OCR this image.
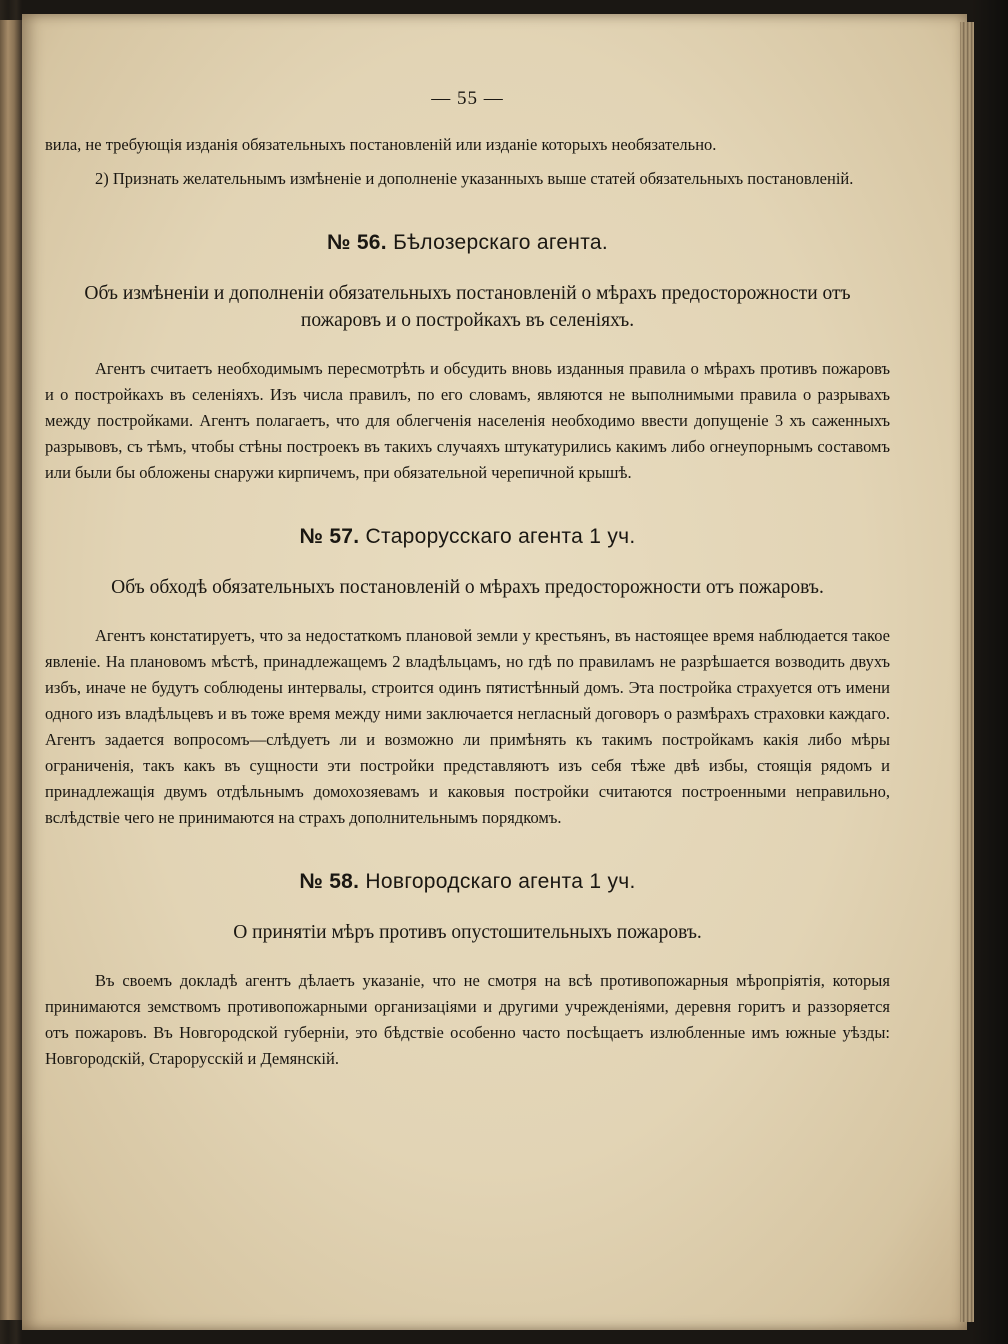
— 55 —

вила, не требующія изданія обязательныхъ постановленій или изданіе которыхъ необязательно.

2) Признать желательнымъ измѣненіе и дополненіе указанныхъ выше статей обязательныхъ постановленій.

№ 56. Бѣлозерскаго агента.
Объ измѣненіи и дополненіи обязательныхъ постановленій о мѣрахъ предосторожности отъ пожаровъ и о постройкахъ въ селеніяхъ.

Агентъ считаетъ необходимымъ пересмотрѣть и обсудить вновь изданныя правила о мѣрахъ противъ пожаровъ и о постройкахъ въ селеніяхъ. Изъ числа правилъ, по его словамъ, являются не выполнимыми правила о разрывахъ между постройками. Агентъ полагаетъ, что для облегченія населенія необходимо ввести допущеніе 3 хъ саженныхъ разрывовъ, съ тѣмъ, чтобы стѣны построекъ въ такихъ случаяхъ штукатурились какимъ либо огнеупорнымъ составомъ или были бы обложены снаружи кирпичемъ, при обязательной черепичной крышѣ.

№ 57. Старорусскаго агента 1 уч.
Объ обходѣ обязательныхъ постановленій о мѣрахъ предосторожности отъ пожаровъ.

Агентъ констатируетъ, что за недостаткомъ плановой земли у крестьянъ, въ настоящее время наблюдается такое явленіе. На плановомъ мѣстѣ, принадлежащемъ 2 владѣльцамъ, но гдѣ по правиламъ не разрѣшается возводить двухъ избъ, иначе не будутъ соблюдены интервалы, строится одинъ пятистѣнный домъ. Эта постройка страхуется отъ имени одного изъ владѣльцевъ и въ тоже время между ними заключается негласный договоръ о размѣрахъ страховки каждаго. Агентъ задается вопросомъ—слѣдуетъ ли и возможно ли примѣнять къ такимъ постройкамъ какія либо мѣры ограниченія, такъ какъ въ сущности эти постройки представляютъ изъ себя тѣже двѣ избы, стоящія рядомъ и принадлежащія двумъ отдѣльнымъ домохозяевамъ и каковыя постройки считаются построенными неправильно, вслѣдствіе чего не принимаются на страхъ дополнительнымъ порядкомъ.

№ 58. Новгородскаго агента 1 уч.
О принятіи мѣръ противъ опустошительныхъ пожаровъ.

Въ своемъ докладѣ агентъ дѣлаетъ указаніе, что не смотря на всѣ противопожарныя мѣропріятія, которыя принимаются земствомъ противопожарными организаціями и другими учрежденіями, деревня горитъ и раззоряется отъ пожаровъ. Въ Новгородской губерніи, это бѣдствіе особенно часто посѣщаетъ излюбленные имъ южные уѣзды: Новгородскій, Старорусскій и Демянскій.
